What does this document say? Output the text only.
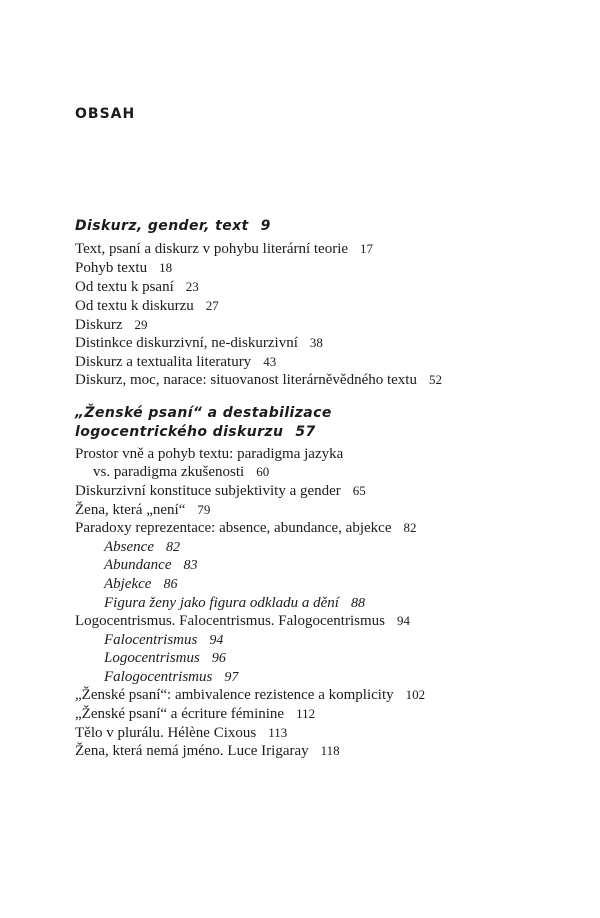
OBSAH
Diskurz, gender, text 9
Text, psaní a diskurz v pohybu literární teorie 17
Pohyb textu 18
Od textu k psaní 23
Od textu k diskurzu 27
Diskurz 29
Distinkce diskurzivní, ne-diskurzivní 38
Diskurz a textualita literatury 43
Diskurz, moc, narace: situovanost literárněvědného textu 52
„Ženské psaní“ a destabilizace
logocentrického diskurzu 57
Prostor vně a pohyb textu: paradigma jazyka
vs. paradigma zkušenosti 60
Diskurzivní konstituce subjektivity a gender 65
Žena, která „není“ 79
Paradoxy reprezentace: absence, abundance, abjekce 82
Absence 82
Abundance 83
Abjekce 86
Figura ženy jako figura odkladu a dění 88
Logocentrismus. Falocentrismus. Falogocentrismus 94
Falocentrismus 94
Logocentrismus 96
Falogocentrismus 97
„Ženské psaní“: ambivalence rezistence a komplicity 102
„Ženské psaní“ a écriture féminine 112
Tělo v plurálu. Hélène Cixous 113
Žena, která nemá jméno. Luce Irigaray 118
